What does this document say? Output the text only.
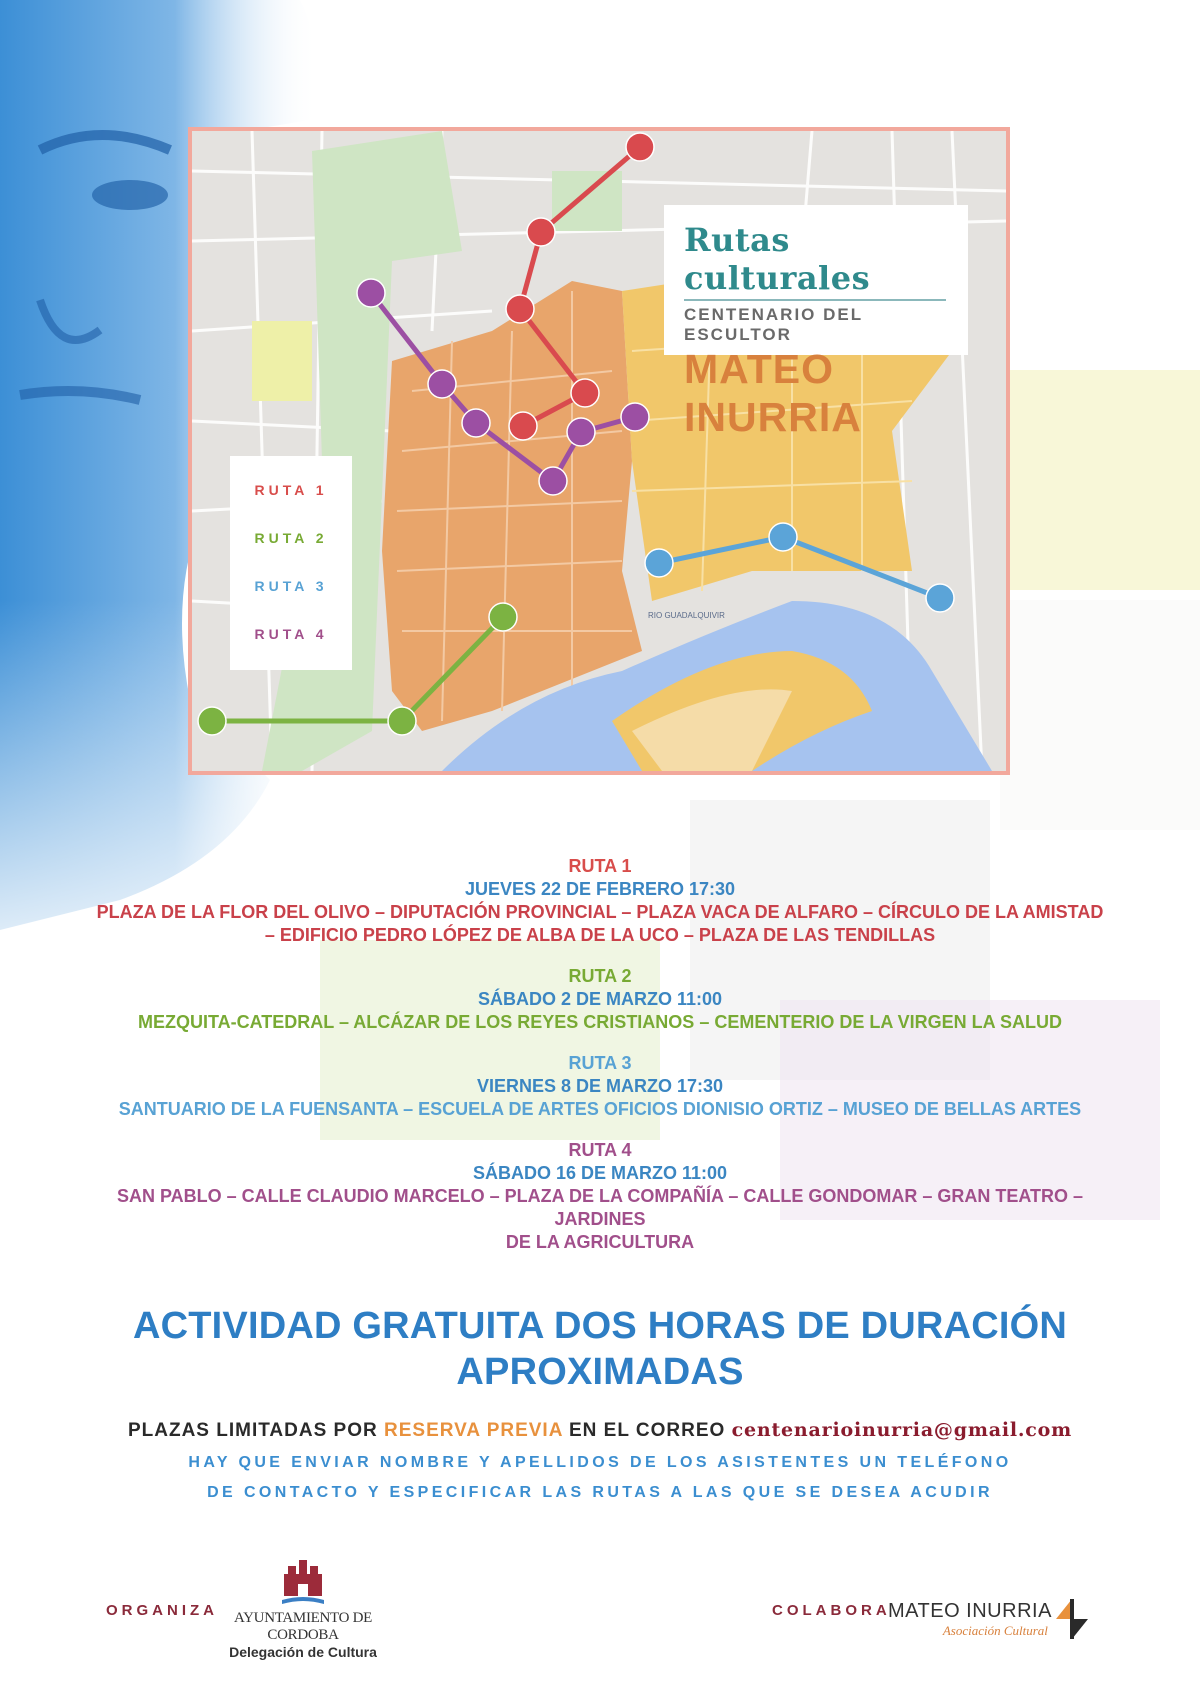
RIO GUADALQUIVIR
Rutas culturales
CENTENARIO DEL ESCULTOR
MATEO INURRIA
RUTA 1
RUTA 2
RUTA 3
RUTA 4
RUTA 1
JUEVES 22 DE FEBRERO 17:30
PLAZA DE LA FLOR DEL OLIVO – DIPUTACIÓN PROVINCIAL – PLAZA VACA DE ALFARO – CÍRCULO DE LA AMISTAD
– EDIFICIO PEDRO LÓPEZ DE ALBA DE LA UCO – PLAZA DE LAS TENDILLAS
RUTA 2
SÁBADO 2 DE MARZO 11:00
MEZQUITA-CATEDRAL – ALCÁZAR DE LOS REYES CRISTIANOS – CEMENTERIO DE LA VIRGEN LA SALUD
RUTA 3
VIERNES 8 DE MARZO 17:30
SANTUARIO DE LA FUENSANTA – ESCUELA DE ARTES OFICIOS DIONISIO ORTIZ – MUSEO DE BELLAS ARTES
RUTA 4
SÁBADO 16 DE MARZO 11:00
SAN PABLO – CALLE CLAUDIO MARCELO – PLAZA DE LA COMPAÑÍA – CALLE GONDOMAR – GRAN TEATRO – JARDINES
DE LA AGRICULTURA
ACTIVIDAD GRATUITA DOS HORAS DE DURACIÓN APROXIMADAS
PLAZAS LIMITADAS POR RESERVA PREVIA EN EL CORREO centenarioinurria@gmail.com
HAY QUE ENVIAR NOMBRE Y APELLIDOS DE LOS ASISTENTES UN TELÉFONO
DE CONTACTO Y ESPECIFICAR LAS RUTAS A LAS QUE SE DESEA ACUDIR
ORGANIZA	AYUNTAMIENTO DE CORDOBA
Delegación de Cultura
COLABORA
MATEO INURRIA
Asociación Cultural
